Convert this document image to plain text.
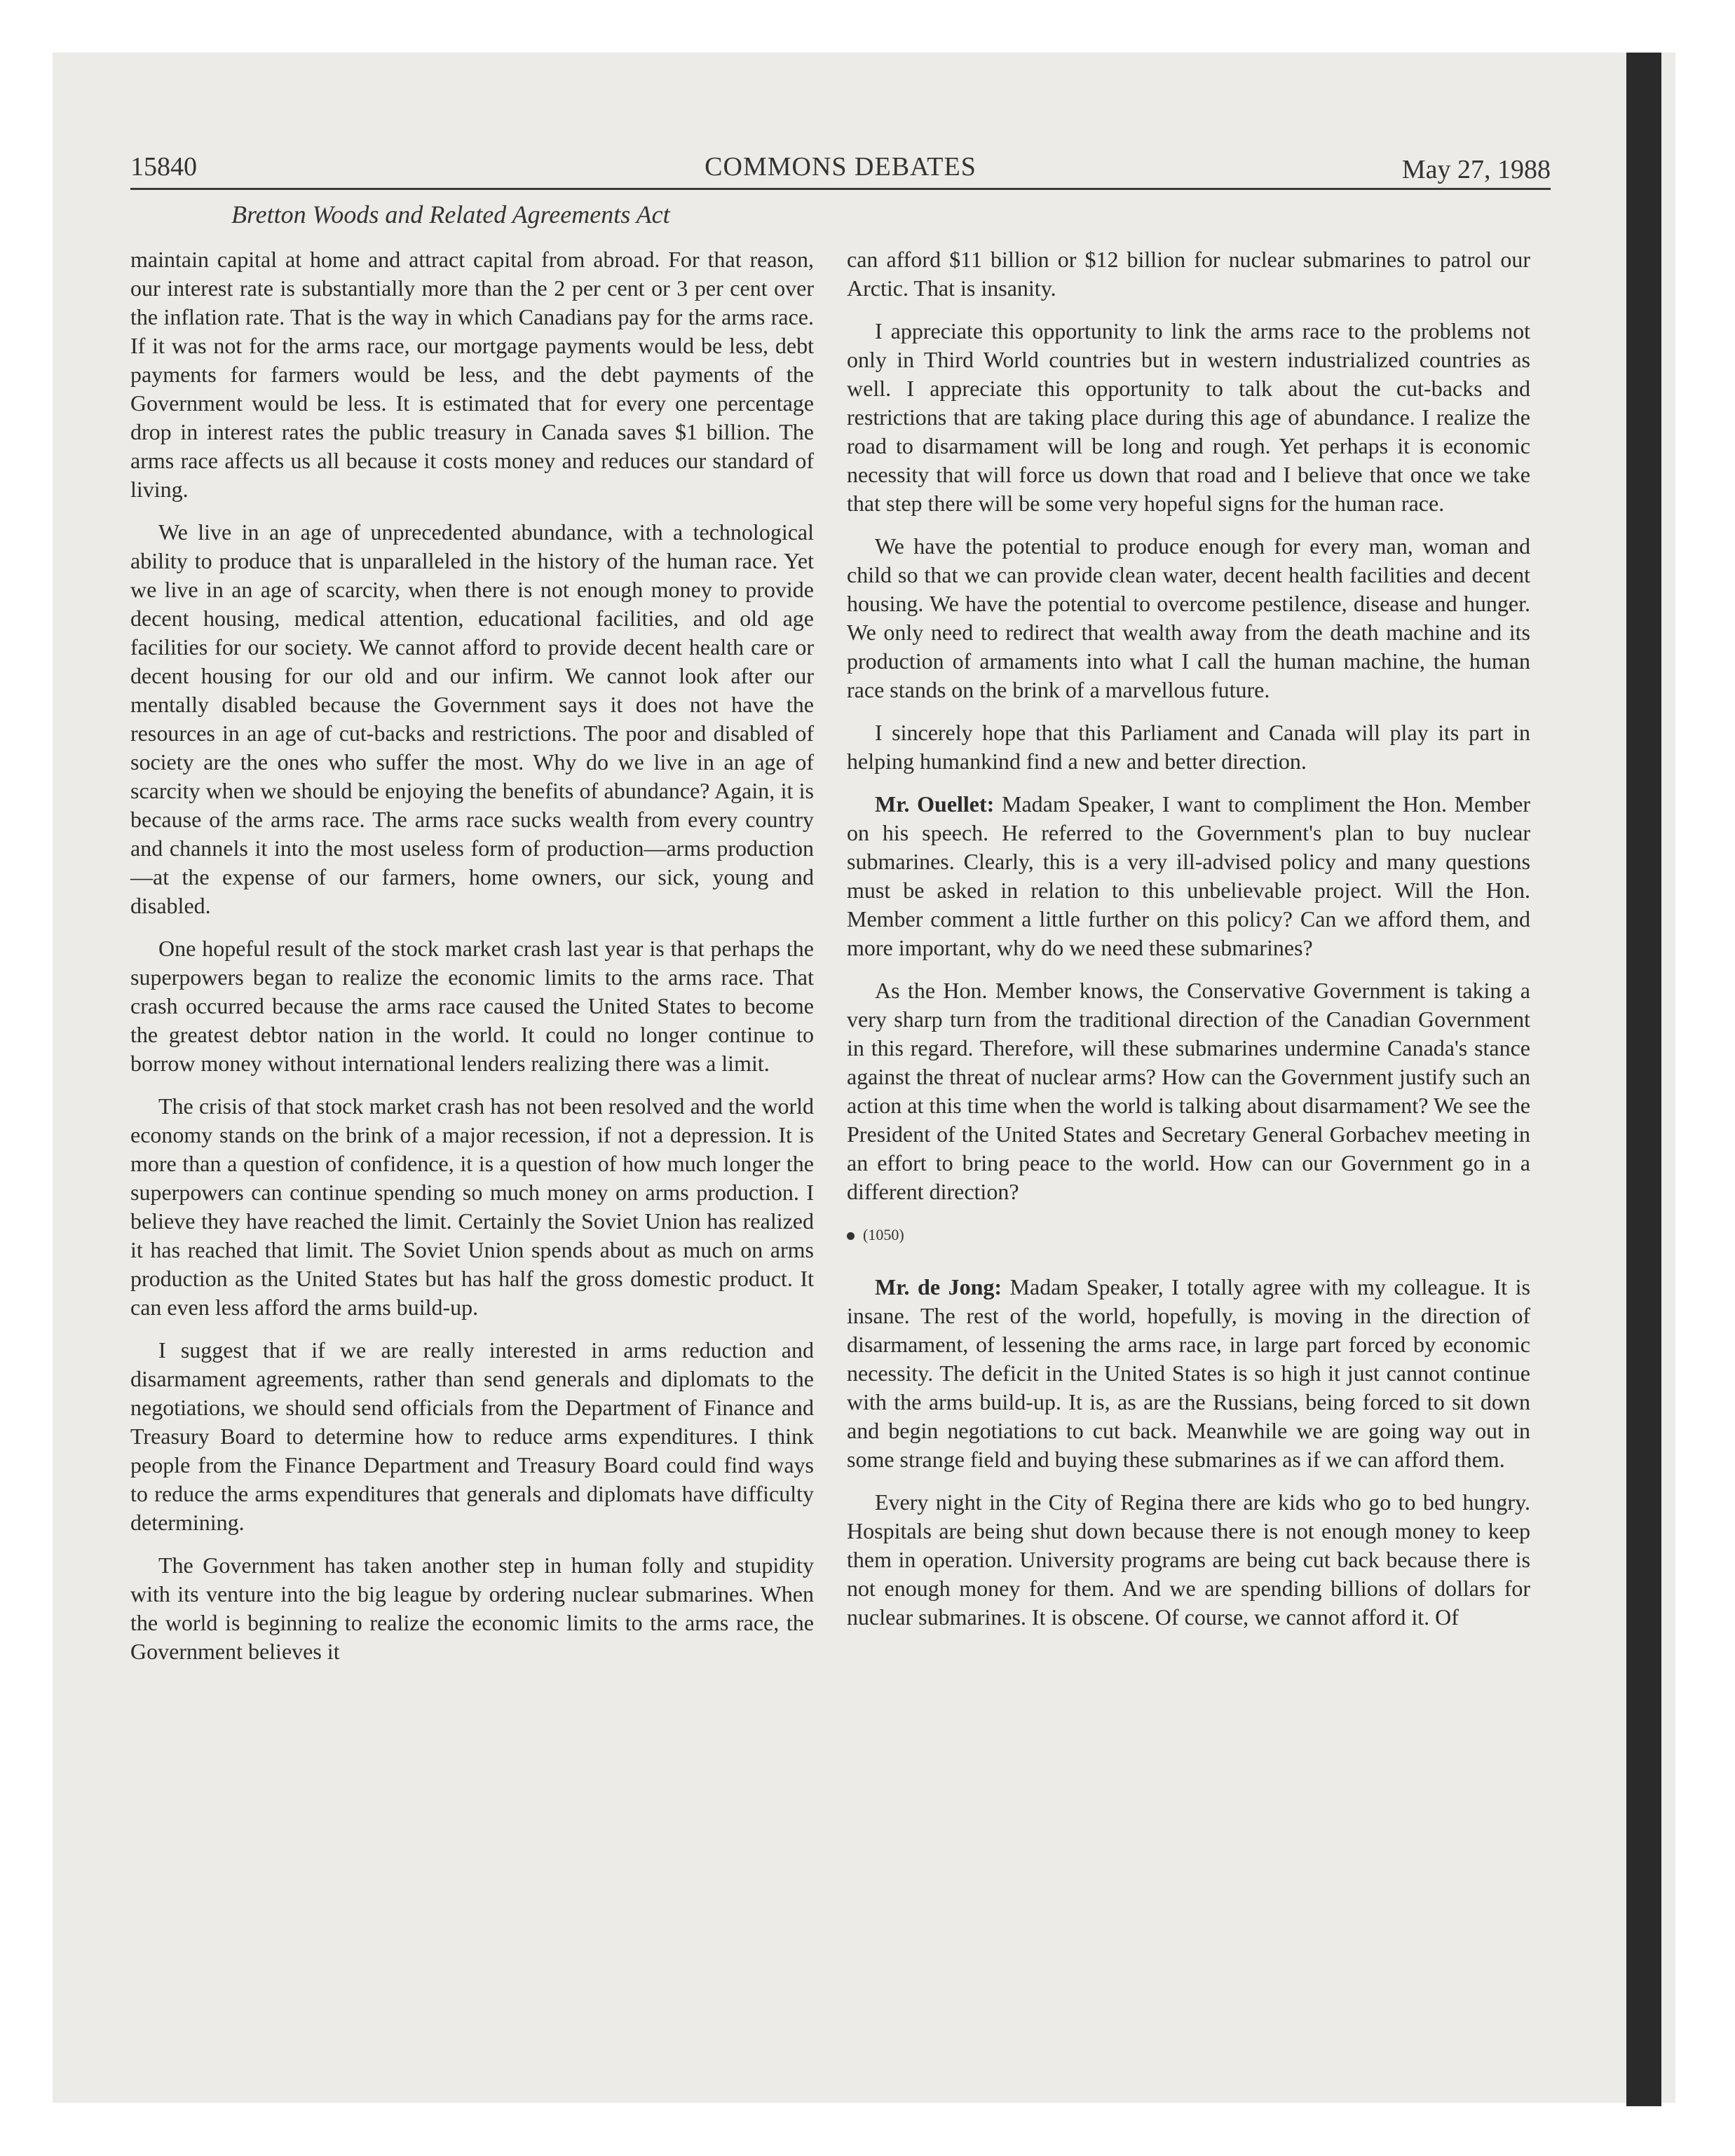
15840	COMMONS DEBATES	May 27, 1988
Bretton Woods and Related Agreements Act

maintain capital at home and attract capital from abroad. For that reason, our interest rate is substantially more than the 2 per cent or 3 per cent over the inflation rate. That is the way in which Canadians pay for the arms race. If it was not for the arms race, our mortgage payments would be less, debt payments for farmers would be less, and the debt payments of the Government would be less. It is estimated that for every one percentage drop in interest rates the public treasury in Canada saves $1 billion. The arms race affects us all because it costs money and reduces our standard of living.

We live in an age of unprecedented abundance, with a technological ability to produce that is unparalleled in the history of the human race. Yet we live in an age of scarcity, when there is not enough money to provide decent housing, medical attention, educational facilities, and old age facilities for our society. We cannot afford to provide decent health care or decent housing for our old and our infirm. We cannot look after our mentally disabled because the Government says it does not have the resources in an age of cut-backs and restrictions. The poor and disabled of society are the ones who suffer the most. Why do we live in an age of scarcity when we should be enjoying the benefits of abundance? Again, it is because of the arms race. The arms race sucks wealth from every country and channels it into the most useless form of production—arms production—at the expense of our farmers, home owners, our sick, young and disabled.

One hopeful result of the stock market crash last year is that perhaps the superpowers began to realize the economic limits to the arms race. That crash occurred because the arms race caused the United States to become the greatest debtor nation in the world. It could no longer continue to borrow money without international lenders realizing there was a limit.

The crisis of that stock market crash has not been resolved and the world economy stands on the brink of a major recession, if not a depression. It is more than a question of confidence, it is a question of how much longer the superpowers can continue spending so much money on arms production. I believe they have reached the limit. Certainly the Soviet Union has realized it has reached that limit. The Soviet Union spends about as much on arms production as the United States but has half the gross domestic product. It can even less afford the arms build-up.

I suggest that if we are really interested in arms reduction and disarmament agreements, rather than send generals and diplomats to the negotiations, we should send officials from the Department of Finance and Treasury Board to determine how to reduce arms expenditures. I think people from the Finance Department and Treasury Board could find ways to reduce the arms expenditures that generals and diplomats have difficulty determining.

The Government has taken another step in human folly and stupidity with its venture into the big league by ordering nuclear submarines. When the world is beginning to realize the economic limits to the arms race, the Government believes it

can afford $11 billion or $12 billion for nuclear submarines to patrol our Arctic. That is insanity.

I appreciate this opportunity to link the arms race to the problems not only in Third World countries but in western industrialized countries as well. I appreciate this opportunity to talk about the cut-backs and restrictions that are taking place during this age of abundance. I realize the road to disarmament will be long and rough. Yet perhaps it is economic necessity that will force us down that road and I believe that once we take that step there will be some very hopeful signs for the human race.

We have the potential to produce enough for every man, woman and child so that we can provide clean water, decent health facilities and decent housing. We have the potential to overcome pestilence, disease and hunger. We only need to redirect that wealth away from the death machine and its production of armaments into what I call the human machine, the human race stands on the brink of a marvellous future.

I sincerely hope that this Parliament and Canada will play its part in helping humankind find a new and better direction.

Mr. Ouellet: Madam Speaker, I want to compliment the Hon. Member on his speech. He referred to the Government's plan to buy nuclear submarines. Clearly, this is a very ill-advised policy and many questions must be asked in relation to this unbelievable project. Will the Hon. Member comment a little further on this policy? Can we afford them, and more important, why do we need these submarines?

As the Hon. Member knows, the Conservative Government is taking a very sharp turn from the traditional direction of the Canadian Government in this regard. Therefore, will these submarines undermine Canada's stance against the threat of nuclear arms? How can the Government justify such an action at this time when the world is talking about disarmament? We see the President of the United States and Secretary General Gorbachev meeting in an effort to bring peace to the world. How can our Government go in a different direction?

(1050)

Mr. de Jong: Madam Speaker, I totally agree with my colleague. It is insane. The rest of the world, hopefully, is moving in the direction of disarmament, of lessening the arms race, in large part forced by economic necessity. The deficit in the United States is so high it just cannot continue with the arms build-up. It is, as are the Russians, being forced to sit down and begin negotiations to cut back. Meanwhile we are going way out in some strange field and buying these submarines as if we can afford them.

Every night in the City of Regina there are kids who go to bed hungry. Hospitals are being shut down because there is not enough money to keep them in operation. University programs are being cut back because there is not enough money for them. And we are spending billions of dollars for nuclear submarines. It is obscene. Of course, we cannot afford it. Of
